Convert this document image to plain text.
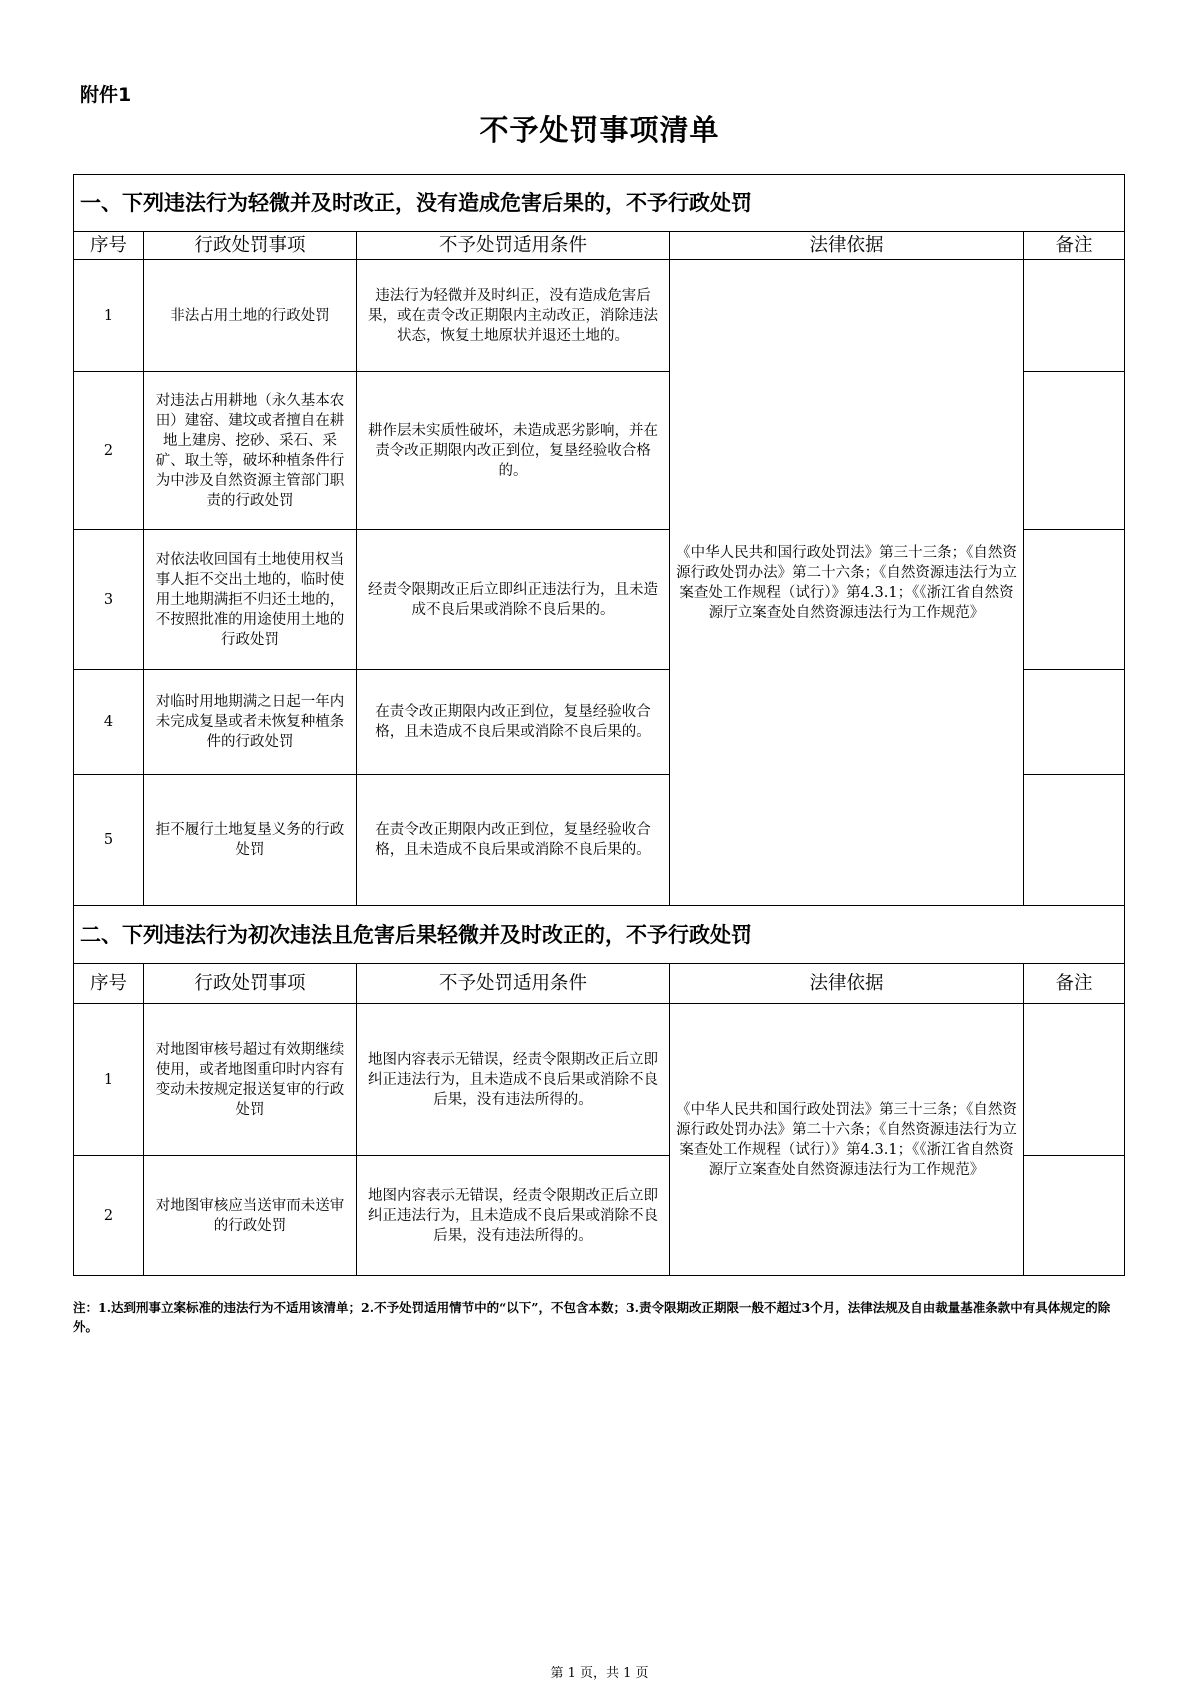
附件1
不予处罚事项清单
一、下列违法行为轻微并及时改正，没有造成危害后果的，不予行政处罚				
序号	行政处罚事项	不予处罚适用条件	法律依据	备注
1	非法占用土地的行政处罚	违法行为轻微并及时纠正，没有造成危害后果，或在责令改正期限内主动改正，消除违法状态，恢复土地原状并退还土地的。	《中华人民共和国行政处罚法》第三十三条；《自然资源行政处罚办法》第二十六条；《自然资源违法行为立案查处工作规程（试行）》第4.3.1；《《浙江省自然资源厅立案查处自然资源违法行为工作规范》	
2	对违法占用耕地（永久基本农田）建窑、建坟或者擅自在耕地上建房、挖砂、采石、采矿、取土等，破坏种植条件行为中涉及自然资源主管部门职责的行政处罚	耕作层未实质性破坏，未造成恶劣影响，并在责令改正期限内改正到位，复垦经验收合格的。		
3	对依法收回国有土地使用权当事人拒不交出土地的，临时使用土地期满拒不归还土地的，不按照批准的用途使用土地的行政处罚	经责令限期改正后立即纠正违法行为，且未造成不良后果或消除不良后果的。		
4	对临时用地期满之日起一年内未完成复垦或者未恢复种植条件的行政处罚	在责令改正期限内改正到位，复垦经验收合格，且未造成不良后果或消除不良后果的。		
5	拒不履行土地复垦义务的行政处罚	在责令改正期限内改正到位，复垦经验收合格，且未造成不良后果或消除不良后果的。		
二、下列违法行为初次违法且危害后果轻微并及时改正的，不予行政处罚				
序号	行政处罚事项	不予处罚适用条件	法律依据	备注
1	对地图审核号超过有效期继续使用，或者地图重印时内容有变动未按规定报送复审的行政处罚	地图内容表示无错误，经责令限期改正后立即纠正违法行为，且未造成不良后果或消除不良后果，没有违法所得的。	《中华人民共和国行政处罚法》第三十三条；《自然资源行政处罚办法》第二十六条；《自然资源违法行为立案查处工作规程（试行）》第4.3.1；《《浙江省自然资源厅立案查处自然资源违法行为工作规范》	
2	对地图审核应当送审而未送审的行政处罚	地图内容表示无错误，经责令限期改正后立即纠正违法行为，且未造成不良后果或消除不良后果，没有违法所得的。		
注：1.达到刑事立案标准的违法行为不适用该清单；2.不予处罚适用情节中的“以下”，不包含本数；3.责令限期改正期限一般不超过3个月，法律法规及自由裁量基准条款中有具体规定的除外。
第 1 页，共 1 页
